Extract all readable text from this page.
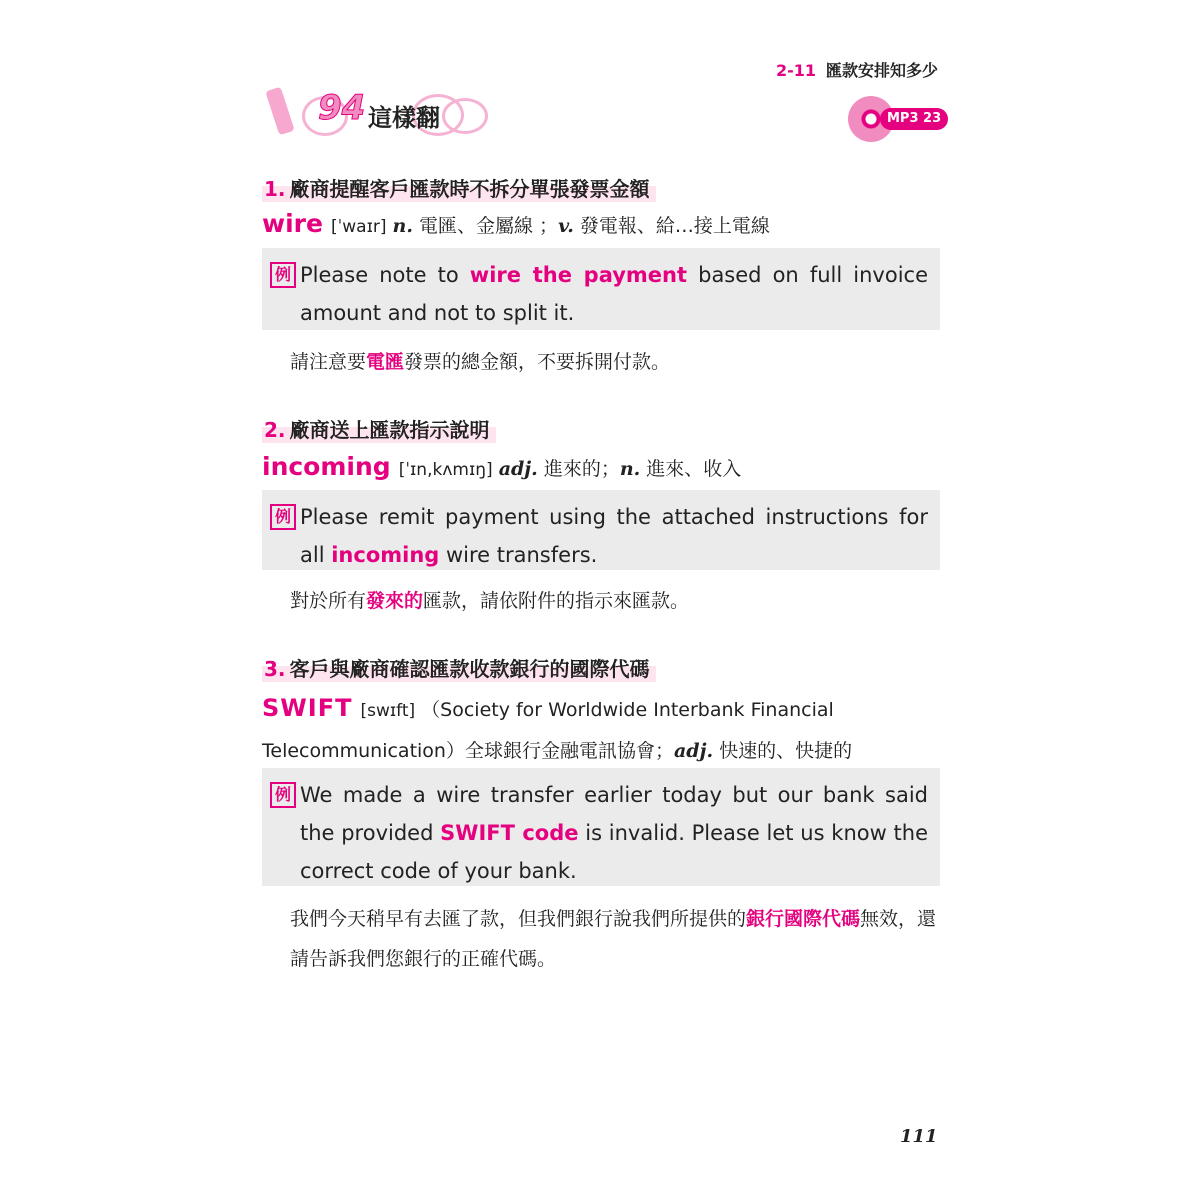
2-11 匯款安排知多少
94 這樣翻	MP3 23
1. 廠商提醒客戶匯款時不拆分單張發票金額
wire [ˈwaɪr] n. 電匯、金屬線 ；v. 發電報、給…接上電線
例 Please note to wire the payment based on full invoice amount and not to split it.
請注意要電匯發票的總金額，不要拆開付款。
2. 廠商送上匯款指示說明
incoming [ˈɪn,kʌmɪŋ] adj. 進來的；n. 進來、收入
例 Please remit payment using the attached instructions for all incoming wire transfers.
對於所有發來的匯款，請依附件的指示來匯款。
3. 客戶與廠商確認匯款收款銀行的國際代碼
SWIFT [swɪft] （Society for Worldwide Interbank Financial Telecommunication）全球銀行金融電訊協會；adj. 快速的、快捷的
例 We made a wire transfer earlier today but our bank said the provided SWIFT code is invalid. Please let us know the correct code of your bank.
我們今天稍早有去匯了款，但我們銀行說我們所提供的銀行國際代碼無效，還請告訴我們您銀行的正確代碼。
111
